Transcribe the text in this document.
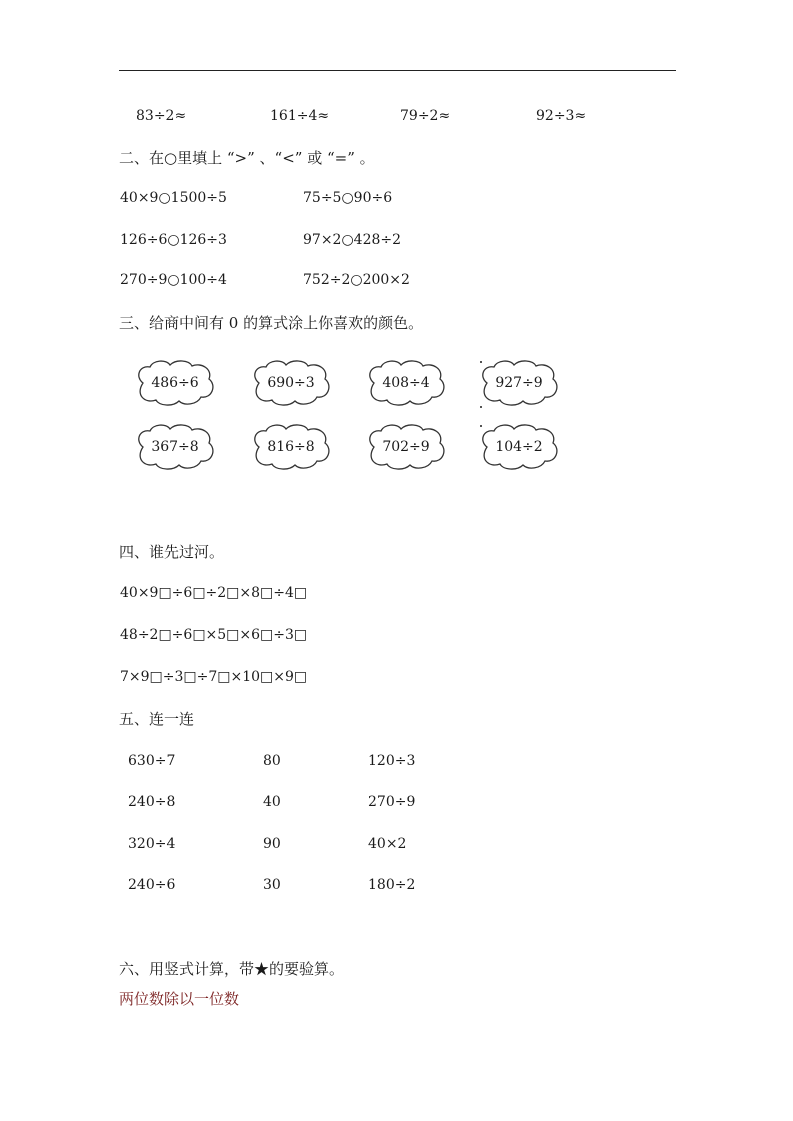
83÷2≈	161÷4≈	79÷2≈	92÷3≈
二、在○里填上 “>” 、“<” 或 “=” 。
40×9○1500÷5	75÷5○90÷6
126÷6○126÷3	97×2○428÷2
270÷9○100÷4	752÷2○200×2
三、给商中间有 0 的算式涂上你喜欢的颜色。
486÷6	690÷3	408÷4	927÷9
367÷8	816÷8	702÷9	104÷2
四、谁先过河。
40×9□÷6□÷2□×8□÷4□
48÷2□÷6□×5□×6□÷3□
7×9□÷3□÷7□×10□×9□
五、连一连
630÷7	80	120÷3
240÷8	40	270÷9
320÷4	90	40×2
240÷6	30	180÷2
六、用竖式计算，带★的要验算。
两位数除以一位数
